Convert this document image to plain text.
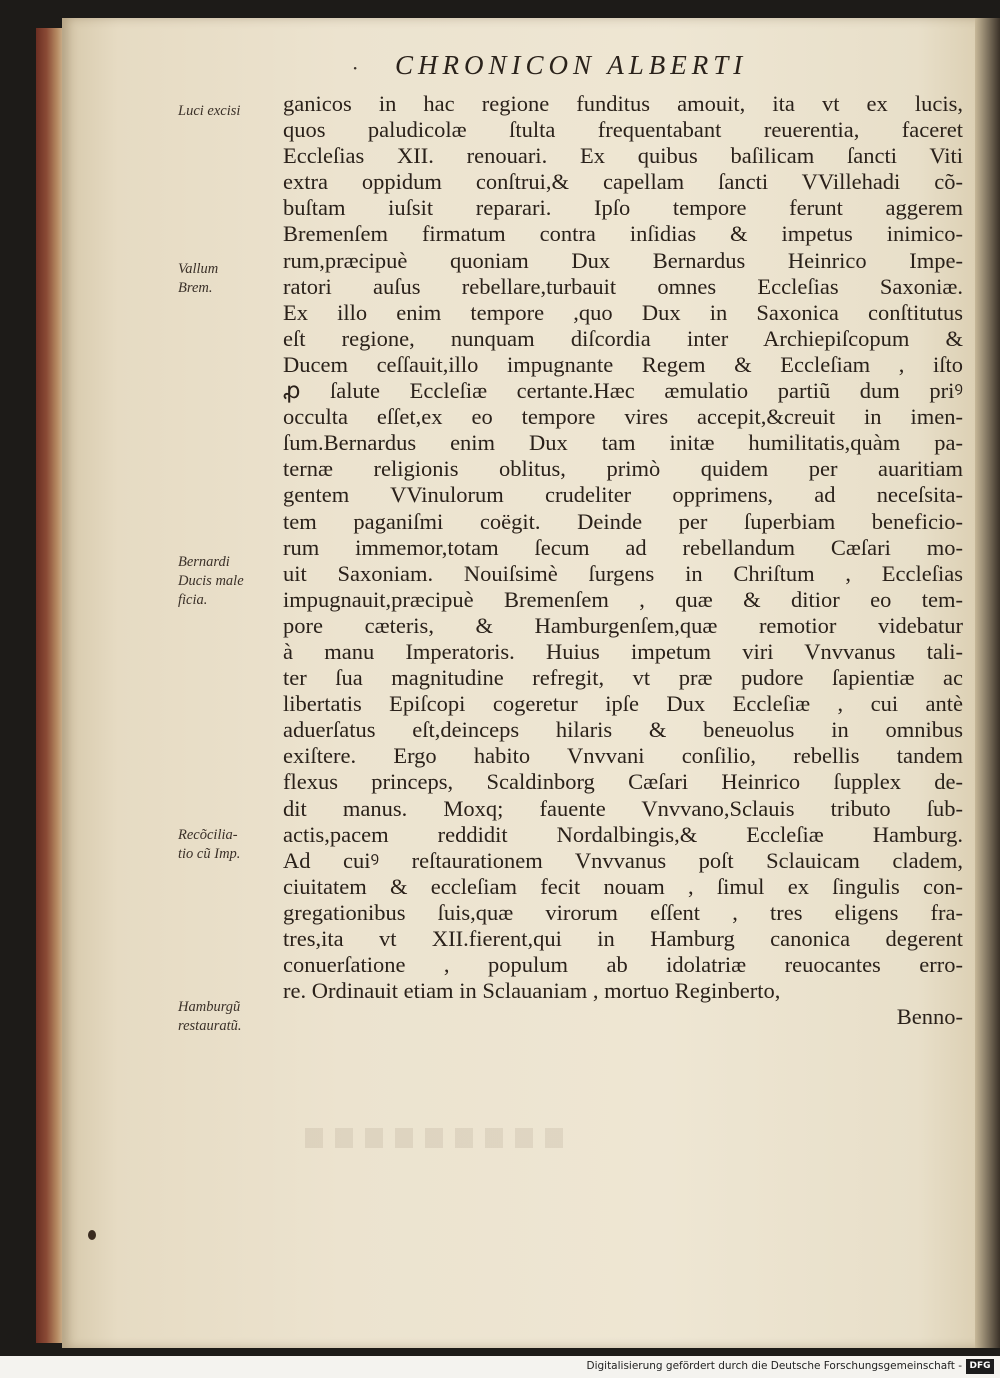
· CHRONICON ALBERTI
Luci excisi
Vallum
Brem.
Bernardi
Ducis male
ficia.
Recõcilia-
tio cũ Imp.
Hamburgũ
restauratũ.
ganicos in hac regione funditus amouit, ita vt ex lucis,
quos paludicolæ ſtulta frequentabant reuerentia, faceret
Eccleſias XII. renouari. Ex quibus baſilicam ſancti Viti
extra oppidum conſtrui,& capellam ſancti VVillehadi cõ-
buſtam iuſsit reparari. Ipſo tempore ferunt aggerem
Bremenſem firmatum contra inſidias & impetus inimico-
rum,præcipuè quoniam Dux Bernardus Heinrico Impe-
ratori auſus rebellare,turbauit omnes Eccleſias Saxoniæ.
Ex illo enim tempore ,quo Dux in Saxonica conſtitutus
eſt regione, nunquam diſcordia inter Archiepiſcopum &
Ducem ceſſauit,illo impugnante Regem & Eccleſiam , iſto
ꝓ ſalute Eccleſiæ certante.Hæc æmulatio partiũ dum priꝰ
occulta eſſet,ex eo tempore vires accepit,&creuit in imen-
ſum.Bernardus enim Dux tam initæ humilitatis,quàm pa-
ternæ religionis oblitus, primò quidem per auaritiam
gentem VVinulorum crudeliter opprimens, ad neceſsita-
tem paganiſmi coëgit. Deinde per ſuperbiam beneficio-
rum immemor,totam ſecum ad rebellandum Cæſari mo-
uit Saxoniam. Nouiſsimè ſurgens in Chriſtum , Eccleſias
impugnauit,præcipuè Bremenſem , quæ & ditior eo tem-
pore cæteris, & Hamburgenſem,quæ remotior videbatur
à manu Imperatoris. Huius impetum viri Vnvvanus tali-
ter ſua magnitudine refregit, vt præ pudore ſapientiæ ac
libertatis Epiſcopi cogeretur ipſe Dux Eccleſiæ , cui antè
aduerſatus eſt,deinceps hilaris & beneuolus in omnibus
exiſtere. Ergo habito Vnvvani conſilio, rebellis tandem
flexus princeps, Scaldinborg Cæſari Heinrico ſupplex de-
dit manus. Moxq; fauente Vnvvano,Sclauis tributo ſub-
actis,pacem reddidit Nordalbingis,& Eccleſiæ Hamburg.
Ad cuiꝰ reſtaurationem Vnvvanus poſt Sclauicam cladem,
ciuitatem & eccleſiam fecit nouam , ſimul ex ſingulis con-
gregationibus ſuis,quæ virorum eſſent , tres eligens fra-
tres,ita vt XII.fierent,qui in Hamburg canonica degerent
conuerſatione , populum ab idolatriæ reuocantes erro-
re. Ordinauit etiam in Sclauaniam , mortuo Reginberto,
Benno-
Digitalisierung gefördert durch die Deutsche Forschungsgemeinschaft - DFG
